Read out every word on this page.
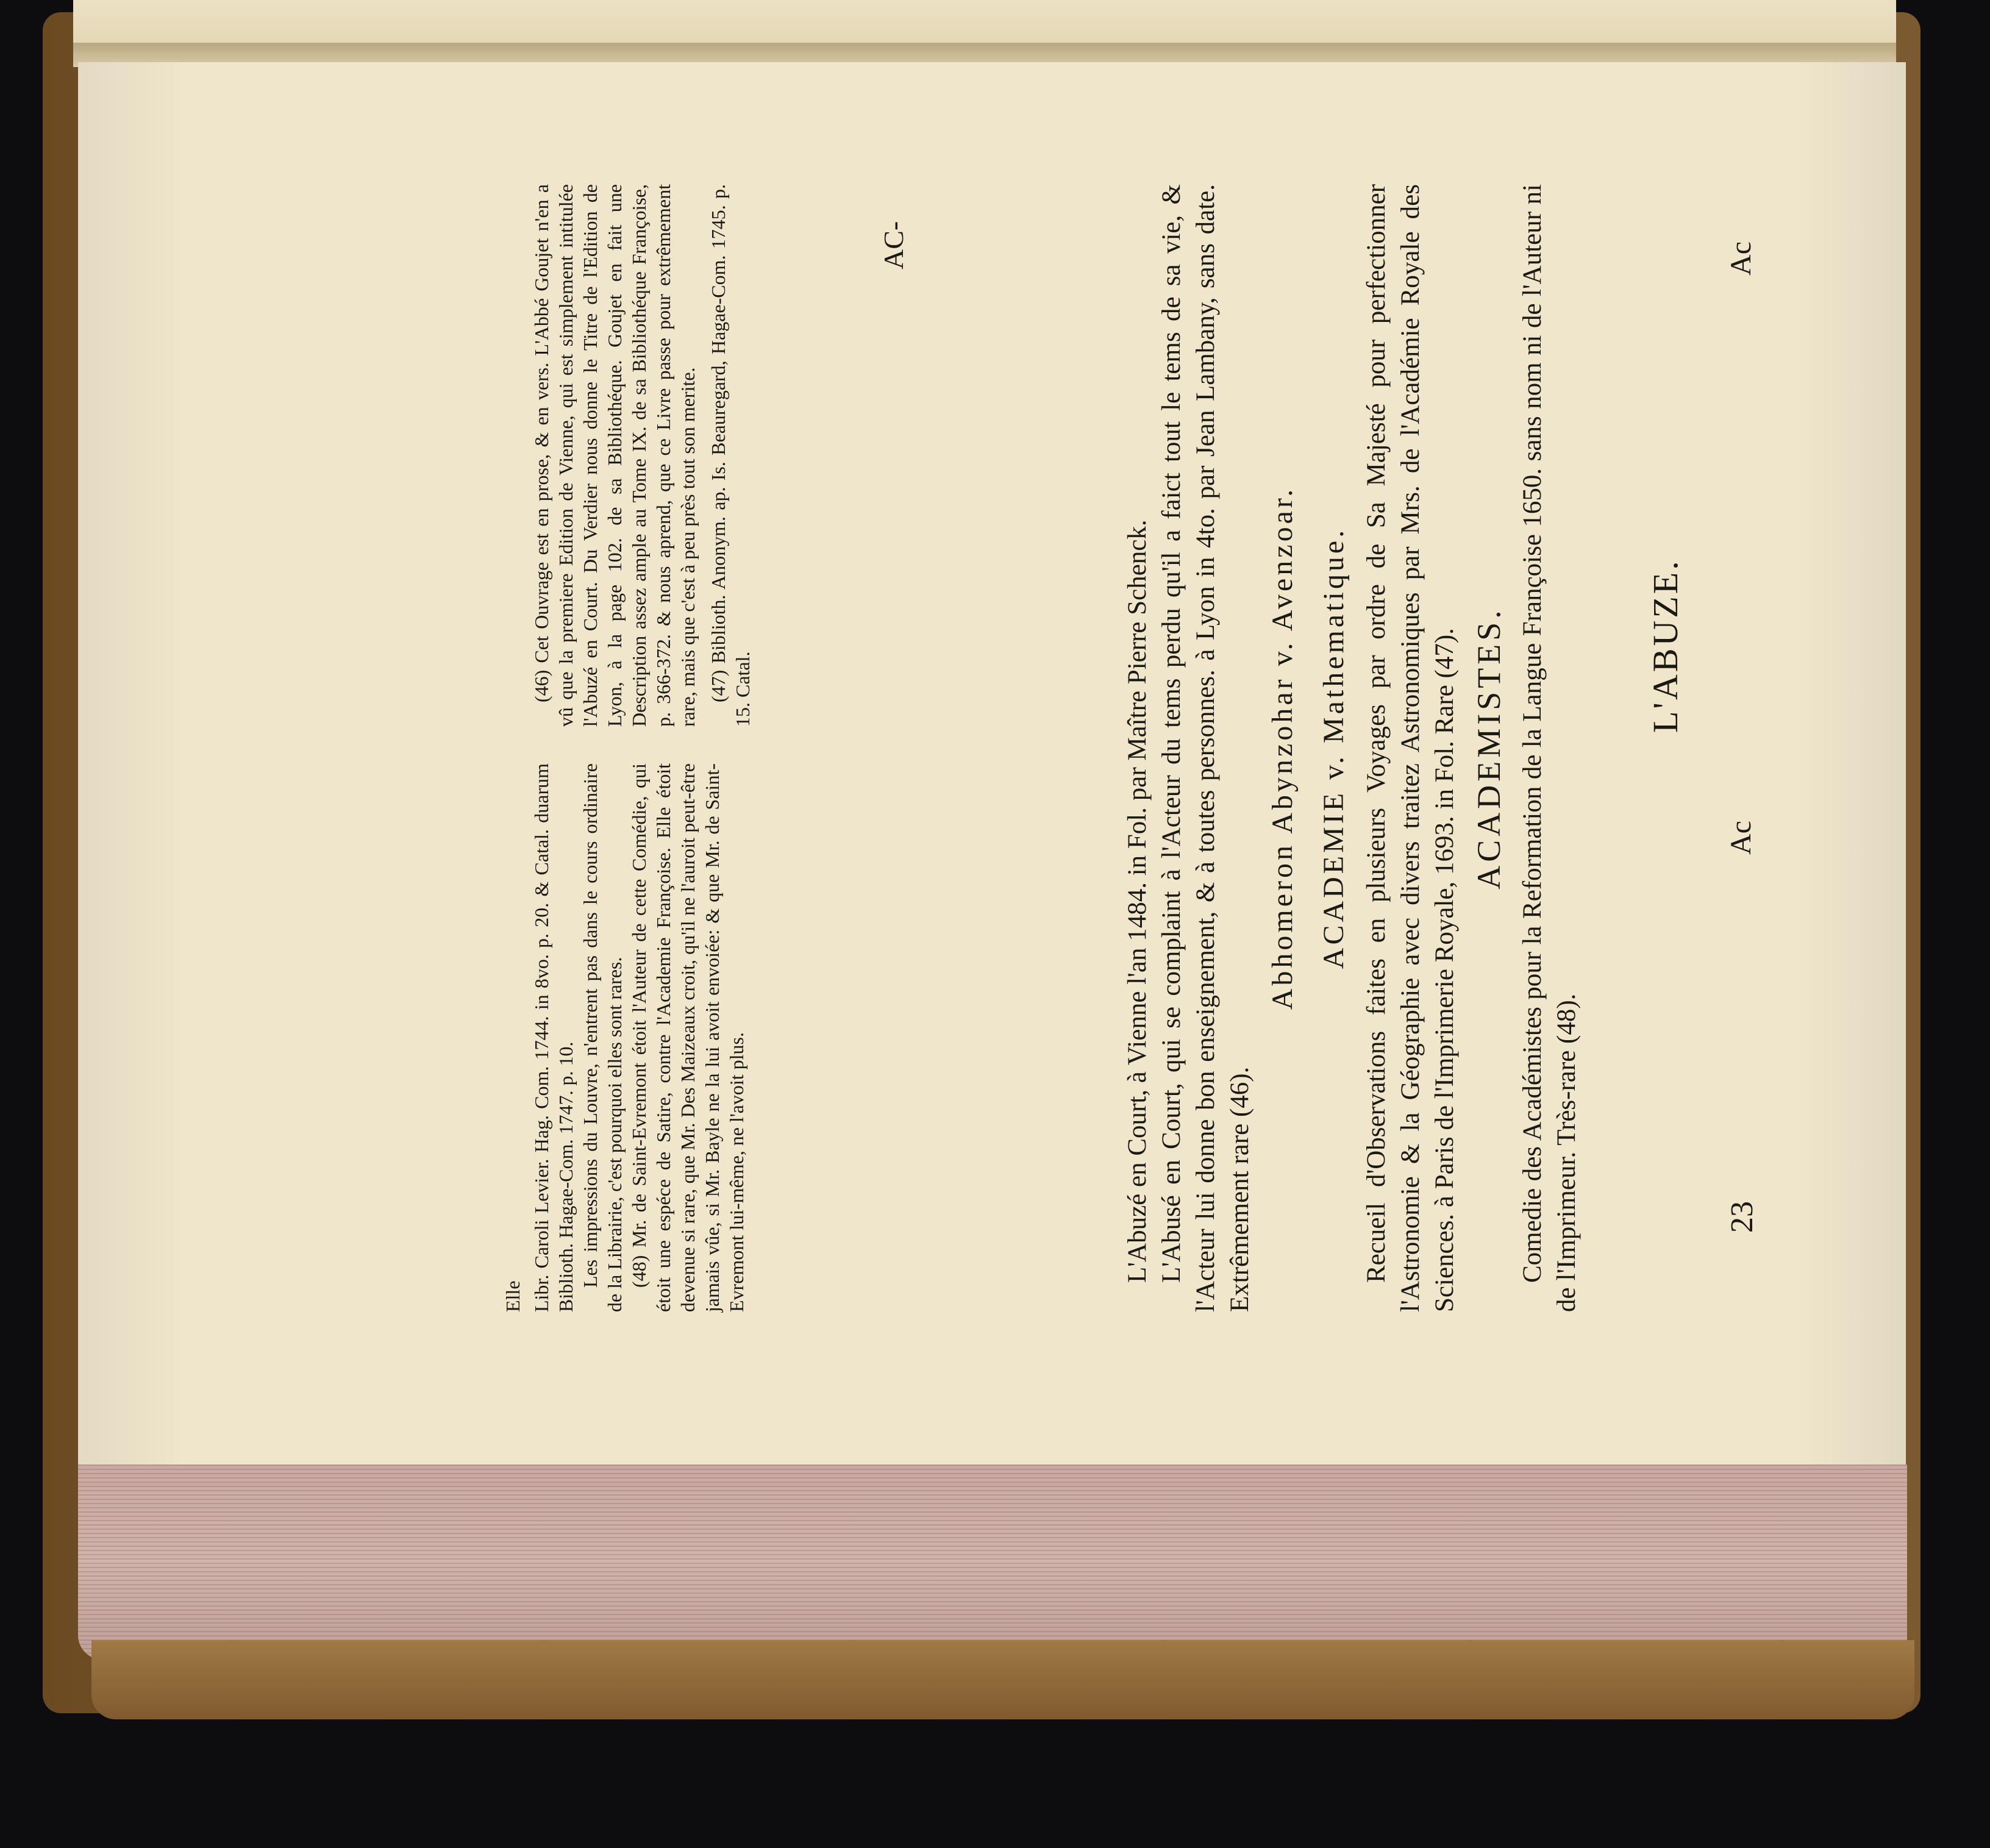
Ac
Ac
23
L'ABUZE.

L'Abuzé en Court, à Vienne l'an 1484. in Fol. par Maître Pierre Schenck. L'Abusé en Court, qui se complaint à l'Acteur du tems perdu qu'il a faict tout le tems de sa vie, & l'Acteur lui donne bon enseignement, & à toutes personnes. à Lyon in 4to. par Jean Lambany, sans date. Extrêmement rare (46).

Abhomeron Abynzohar v. Avenzoar. ACADEMIE v. Mathematique. Recueil d'Observations faites en plusieurs Voyages par ordre de Sa Majesté pour perfectionner l'Astronomie & la Géographie avec divers traitez Astronomiques par Mrs. de l'Académie Royale des Sciences. à Paris de l'Imprimerie Royale, 1693. in Fol. Rare (47). ACADEMISTES. Comedie des Académistes pour la Reformation de la Langue Françoise 1650. sans nom ni de l'Auteur ni de l'Imprimeur. Très-rare (48).

AC-

(46) Cet Ouvrage est en prose, & en vers. L'Abbé Goujet n'en a vû que la premiere Edition de Vienne, qui est simplement intitulée l'Abuzé en Court. Du Verdier nous donne le Titre de l'Edition de Lyon, à la page 102. de sa Bibliothéque. Goujet en fait une Description assez ample au Tome IX. de sa Bibliothéque Françoise, p. 366-372. & nous aprend, que ce Livre passe pour extrêmement rare, mais que c'est à peu près tout son merite. (47) Biblioth. Anonym. ap. Is. Beauregard, Hagae-Com. 1745. p. 15. Catal.

Libr. Caroli Levier. Hag. Com. 1744. in 8vo. p. 20. & Catal. duarum Biblioth. Hagae-Com. 1747. p. 10. Les impressions du Louvre, n'entrent pas dans le cours ordinaire de la Librairie, c'est pourquoi elles sont rares. (48) Mr. de Saint-Evremont étoit l'Auteur de cette Comédie, qui étoit une espéce de Satire, contre l'Academie Françoise. Elle étoit devenue si rare, que Mr. Des Maizeaux croit, qu'il ne l'auroit peut-être jamais vûe, si Mr. Bayle ne la lui avoit envoiée: & que Mr. de Saint-Evremont lui-même, ne l'avoit plus.

Elle
